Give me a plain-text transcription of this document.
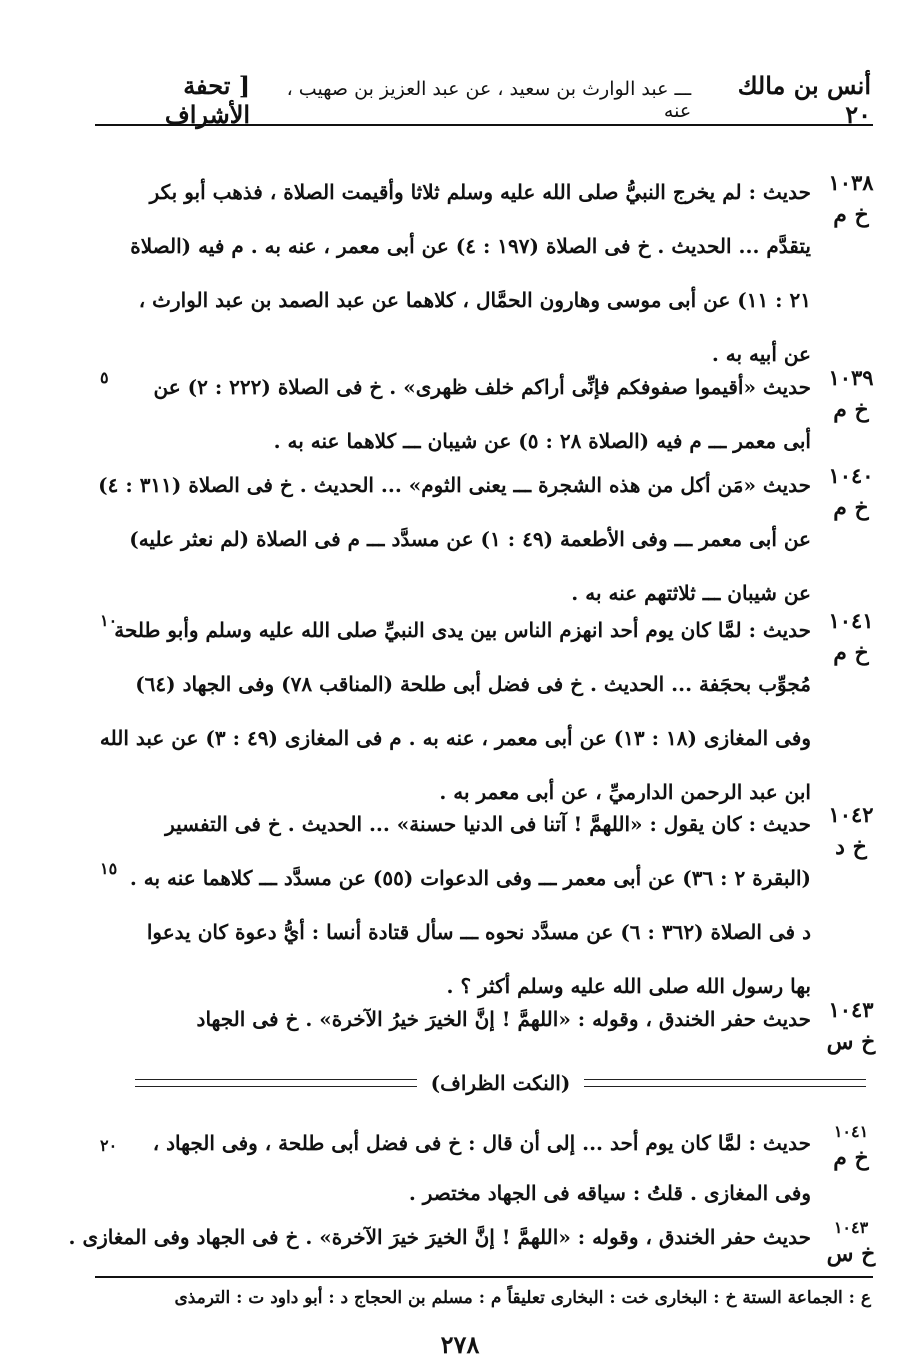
أنس بن مالك ٢٠
ـــ عبد الوارث بن سعيد ، عن عبد العزيز بن صهيب ، عنه
[ تحفة الأشراف
١٠٣٨
خ م
حديث : لم يخرج النبيُّ صلى الله عليه وسلم ثلاثا وأقيمت الصلاة ، فذهب أبو بكر
يتقدَّم ... الحديث . خ فى الصلاة (١٩٧ : ٤) عن أبى معمر ، عنه به . م فيه (الصلاة
٢١ : ١١) عن أبى موسى وهارون الحمَّال ، كلاهما عن عبد الصمد بن عبد الوارث ،
عن أبيه به .
١٠٣٩
خ م
٥	حديث «أقيموا صفوفكم فإنِّى أراكم خلف ظهرى» . خ فى الصلاة (٢٢٢ : ٢) عن
أبى معمر ـــ م فيه (الصلاة ٢٨ : ٥) عن شيبان ـــ كلاهما عنه به .
١٠٤٠
خ م
حديث «مَن أكل من هذه الشجرة ـــ يعنى الثوم» ... الحديث . خ فى الصلاة (٣١١ : ٤)
عن أبى معمر ـــ وفى الأطعمة (٤٩ : ١) عن مسدَّد ـــ م فى الصلاة (لم نعثر عليه)
عن شيبان ـــ ثلاثتهم عنه به .
١٠٤١
خ م
١٠
حديث : لمَّا كان يوم أحد انهزم الناس بين يدى النبيِّ صلى الله عليه وسلم وأبو طلحة
مُجوِّب بحجَفة ... الحديث . خ فى فضل أبى طلحة (المناقب ٧٨) وفى الجهاد (٦٤)
وفى المغازى (١٨ : ١٣) عن أبى معمر ، عنه به . م فى المغازى (٤٩ : ٣) عن عبد الله
ابن عبد الرحمن الدارميِّ ، عن أبى معمر به .
١٠٤٢
خ د
١٥
حديث : كان يقول : «اللهمَّ ! آتنا فى الدنيا حسنة» ... الحديث . خ فى التفسير
(البقرة ٢ : ٣٦) عن أبى معمر ـــ وفى الدعوات (٥٥) عن مسدَّد ـــ كلاهما عنه به .
د فى الصلاة (٣٦٢ : ٦) عن مسدَّد نحوه ـــ سأل قتادة أنسا : أيُّ دعوة كان يدعوا
بها رسول الله صلى الله عليه وسلم أكثر ؟ .
١٠٤٣
خ س
حديث حفر الخندق ، وقوله : «اللهمَّ ! إنَّ الخيرَ خيرُ الآخرة» . خ فى الجهاد
(النكت الظراف)
١٠٤١
خ م
٢٠	حديث : لمَّا كان يوم أحد ... إلى أن قال : خ فى فضل أبى طلحة ، وفى الجهاد ،
وفى المغازى . قلتُ : سياقه فى الجهاد مختصر .
١٠٤٣
خ س
حديث حفر الخندق ، وقوله : «اللهمَّ ! إنَّ الخيرَ خيرَ الآخرة» . خ فى الجهاد وفى المغازى .
ع : الجماعة الستة خ : البخارى خت : البخارى تعليقاً م : مسلم بن الحجاج د : أبو داود ت : الترمذى
٢٧٨
